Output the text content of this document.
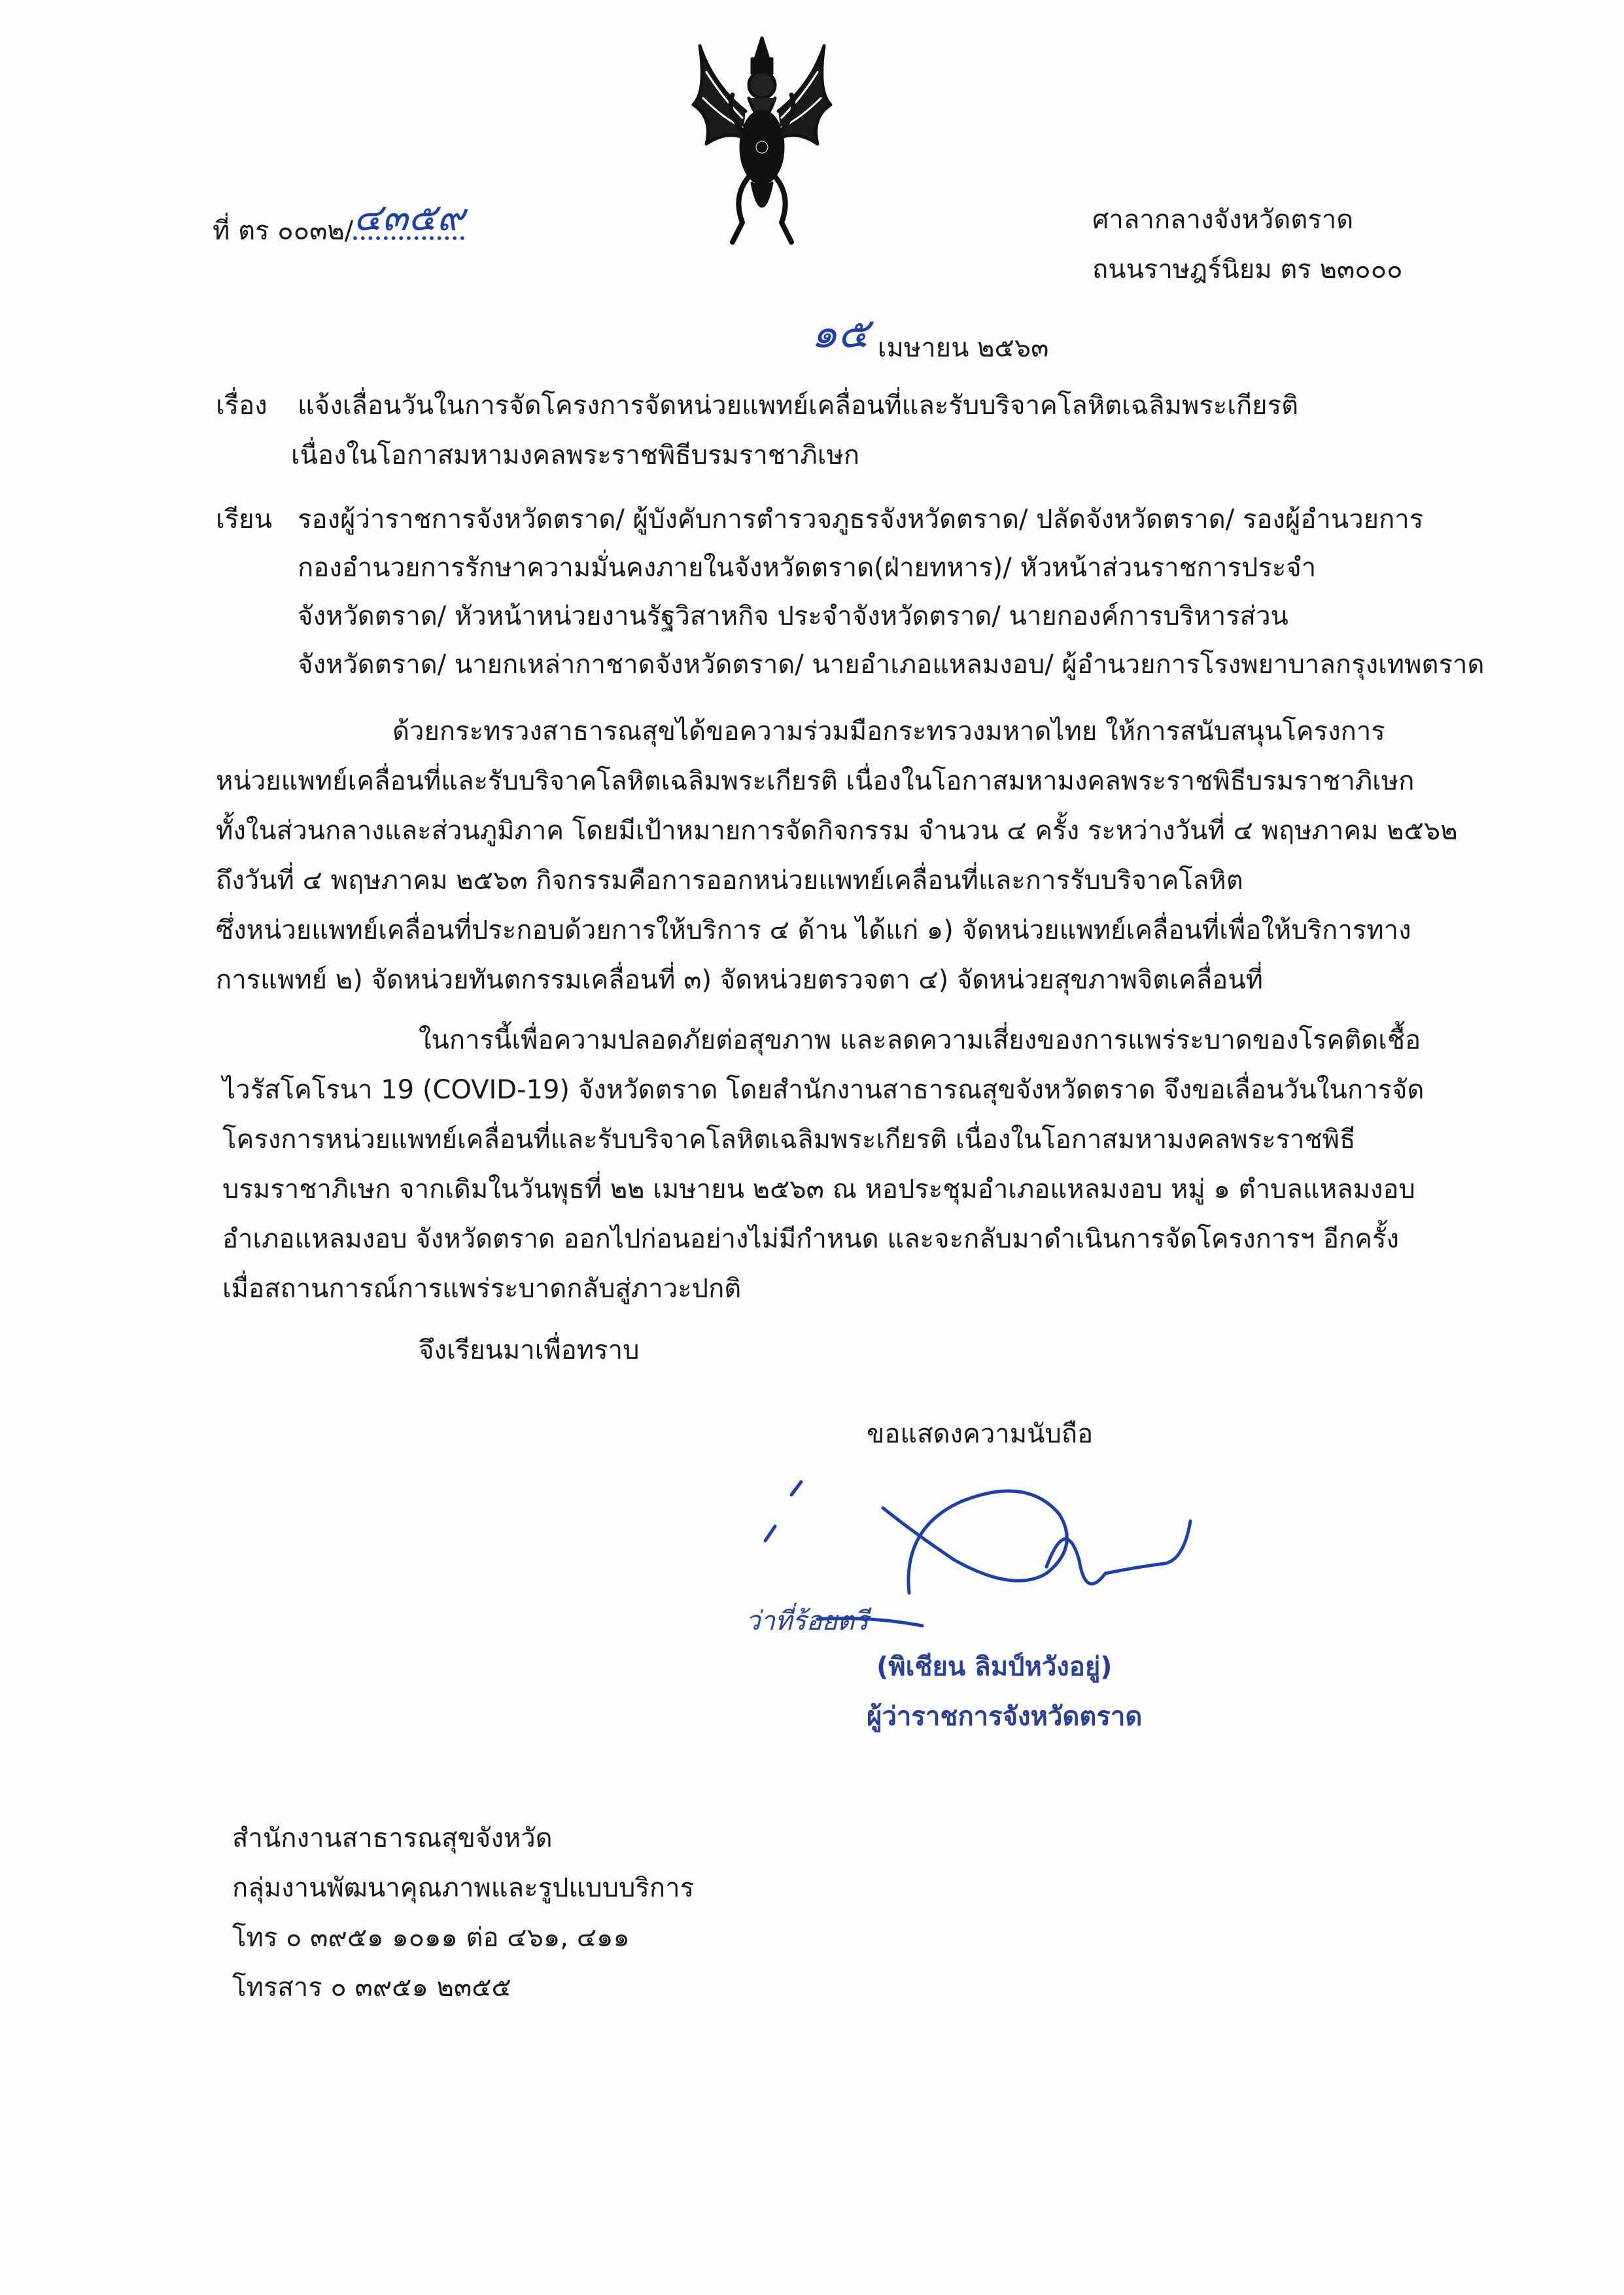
ที่ ตร ๐๐๓๒/๔๓๕๙	ศาลากลางจังหวัดตราด
ถนนราษฎร์นิยม ตร ๒๓๐๐๐
๑๕ เมษายน ๒๕๖๓
เรื่อง แจ้งเลื่อนวันในการจัดโครงการจัดหน่วยแพทย์เคลื่อนที่และรับบริจาคโลหิตเฉลิมพระเกียรติ
เนื่องในโอกาสมหามงคลพระราชพิธีบรมราชาภิเษก
เรียน รองผู้ว่าราชการจังหวัดตราด/ ผู้บังคับการตำรวจภูธรจังหวัดตราด/ ปลัดจังหวัดตราด/ รองผู้อำนวยการ
กองอำนวยการรักษาความมั่นคงภายในจังหวัดตราด(ฝ่ายทหาร)/ หัวหน้าส่วนราชการประจำ
จังหวัดตราด/ หัวหน้าหน่วยงานรัฐวิสาหกิจ ประจำจังหวัดตราด/ นายกองค์การบริหารส่วน
จังหวัดตราด/ นายกเหล่ากาชาดจังหวัดตราด/ นายอำเภอแหลมงอบ/ ผู้อำนวยการโรงพยาบาลกรุงเทพตราด
ด้วยกระทรวงสาธารณสุขได้ขอความร่วมมือกระทรวงมหาดไทย ให้การสนับสนุนโครงการ
หน่วยแพทย์เคลื่อนที่และรับบริจาคโลหิตเฉลิมพระเกียรติ เนื่องในโอกาสมหามงคลพระราชพิธีบรมราชาภิเษก
ทั้งในส่วนกลางและส่วนภูมิภาค โดยมีเป้าหมายการจัดกิจกรรม จำนวน ๔ ครั้ง ระหว่างวันที่ ๔ พฤษภาคม ๒๕๖๒
ถึงวันที่ ๔ พฤษภาคม ๒๕๖๓ กิจกรรมคือการออกหน่วยแพทย์เคลื่อนที่และการรับบริจาคโลหิต
ซึ่งหน่วยแพทย์เคลื่อนที่ประกอบด้วยการให้บริการ ๔ ด้าน ได้แก่ ๑) จัดหน่วยแพทย์เคลื่อนที่เพื่อให้บริการทาง
การแพทย์ ๒) จัดหน่วยทันตกรรมเคลื่อนที่ ๓) จัดหน่วยตรวจตา ๔) จัดหน่วยสุขภาพจิตเคลื่อนที่
ในการนี้เพื่อความปลอดภัยต่อสุขภาพ และลดความเสี่ยงของการแพร่ระบาดของโรคติดเชื้อ
ไวรัสโคโรนา 19 (COVID-19) จังหวัดตราด โดยสำนักงานสาธารณสุขจังหวัดตราด จึงขอเลื่อนวันในการจัด
โครงการหน่วยแพทย์เคลื่อนที่และรับบริจาคโลหิตเฉลิมพระเกียรติ เนื่องในโอกาสมหามงคลพระราชพิธี
บรมราชาภิเษก จากเดิมในวันพุธที่ ๒๒ เมษายน ๒๕๖๓ ณ หอประชุมอำเภอแหลมงอบ หมู่ ๑ ตำบลแหลมงอบ
อำเภอแหลมงอบ จังหวัดตราด ออกไปก่อนอย่างไม่มีกำหนด และจะกลับมาดำเนินการจัดโครงการฯ อีกครั้ง
เมื่อสถานการณ์การแพร่ระบาดกลับสู่ภาวะปกติ
จึงเรียนมาเพื่อทราบ
ขอแสดงความนับถือ
ว่าที่ร้อยตรี
(พิเชียน ลิมป์หวังอยู่)
ผู้ว่าราชการจังหวัดตราด
สำนักงานสาธารณสุขจังหวัด
กลุ่มงานพัฒนาคุณภาพและรูปแบบบริการ
โทร ๐ ๓๙๕๑ ๑๐๑๑ ต่อ ๔๖๑, ๔๑๑
โทรสาร ๐ ๓๙๕๑ ๒๓๕๕
